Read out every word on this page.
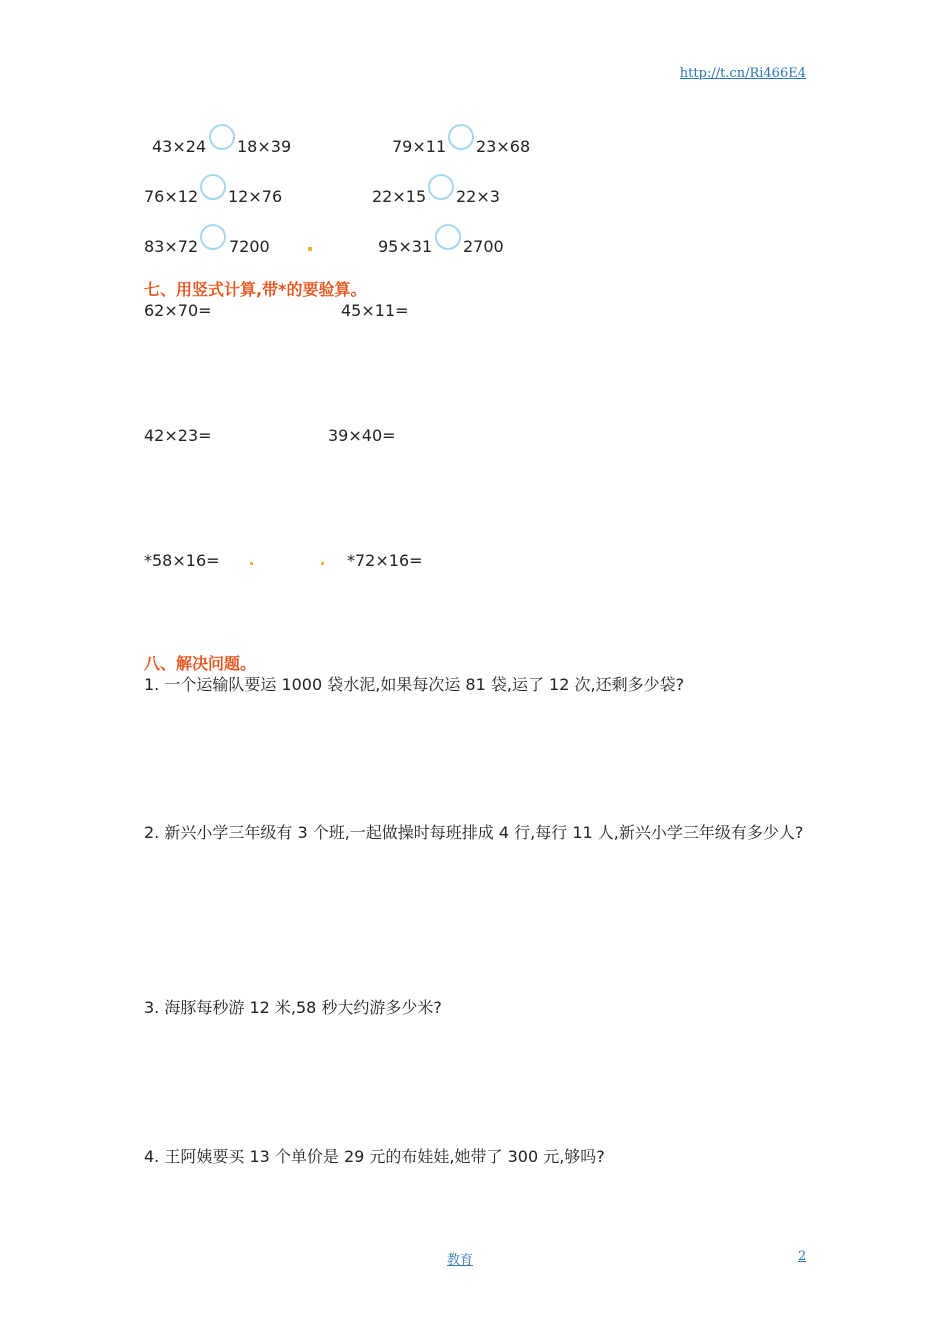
http://t.cn/Ri466E4
43×24 18×39	79×11 23×68
76×12 12×76	22×15 22×3
83×72 7200	95×31 2700
七、用竖式计算,带*的要验算。
62×70=	45×11=
42×23=	39×40=
*58×16=	*72×16=
八、解决问题。
1. 一个运输队要运 1000 袋水泥,如果每次运 81 袋,运了 12 次,还剩多少袋?
2. 新兴小学三年级有 3 个班,一起做操时每班排成 4 行,每行 11 人,新兴小学三年级有多少人?
3. 海豚每秒游 12 米,58 秒大约游多少米?
4. 王阿姨要买 13 个单价是 29 元的布娃娃,她带了 300 元,够吗?
教育	2
